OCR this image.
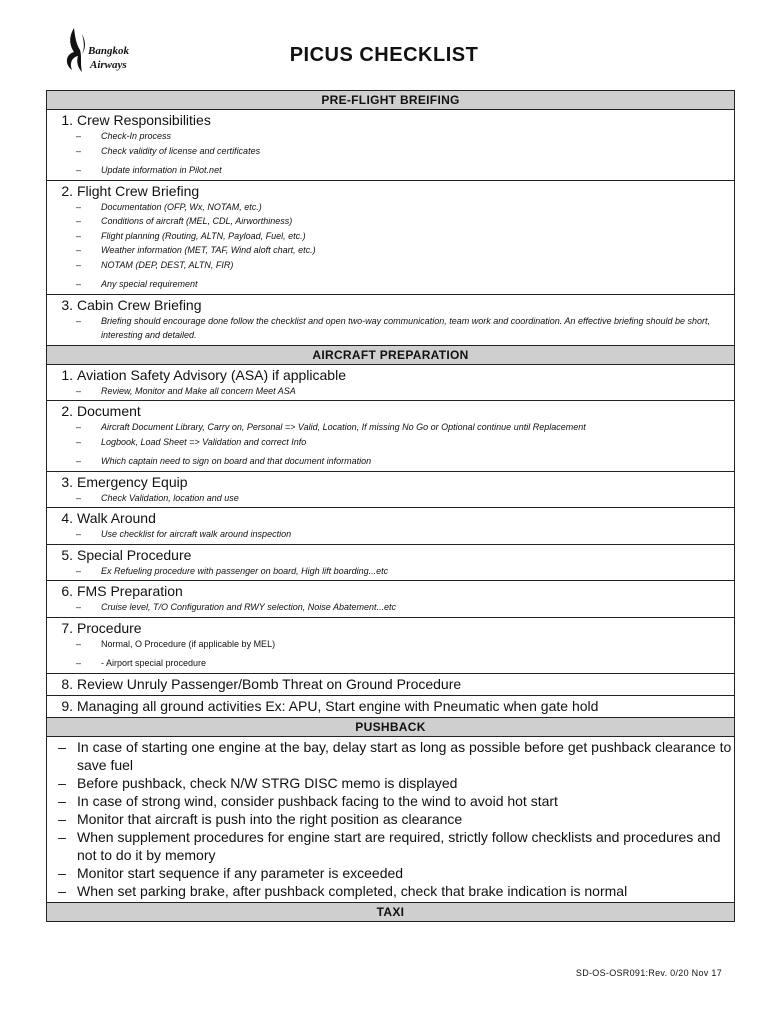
Bangkok
Airways	PICUS CHECKLIST
PRE-FLIGHT BREIFING

1. Crew Responsibilities
–	Check-In process
–	Check validity of license and certificates
–	Update information in Pilot.net

2. Flight Crew Briefing
–	Documentation (OFP, Wx, NOTAM, etc.)
–	Conditions of aircraft (MEL, CDL, Airworthiness)
–	Flight planning (Routing, ALTN, Payload, Fuel, etc.)
–	Weather information (MET, TAF, Wind aloft chart, etc.)
–	NOTAM (DEP, DEST, ALTN, FIR)
–	Any special requirement

3. Cabin Crew Briefing
–	Briefing should encourage done follow the checklist and open two-way communication, team work and coordination. An effective briefing should be short, interesting and detailed.

AIRCRAFT PREPARATION

1. Aviation Safety Advisory (ASA) if applicable
–	Review, Monitor and Make all concern Meet ASA

2. Document
–	Aircraft Document Library, Carry on, Personal => Valid, Location, If missing No Go or Optional continue until Replacement
–	Logbook, Load Sheet => Validation and correct Info
–	Which captain need to sign on board and that document information

3. Emergency Equip
–	Check Validation, location and use

4. Walk Around
–	Use checklist for aircraft walk around inspection

5. Special Procedure
–	Ex Refueling procedure with passenger on board, High lift boarding...etc

6. FMS Preparation
–	Cruise level, T/O Configuration and RWY selection, Noise Abatement...etc

7. Procedure
–	Normal, O Procedure (if applicable by MEL)
–	- Airport special procedure

8. Review Unruly Passenger/Bomb Threat on Ground Procedure

9. Managing all ground activities Ex: APU, Start engine with Pneumatic when gate hold

PUSHBACK

– In case of starting one engine at the bay, delay start as long as possible before get pushback clearance to save fuel
– Before pushback, check N/W STRG DISC memo is displayed
– In case of strong wind, consider pushback facing to the wind to avoid hot start
– Monitor that aircraft is push into the right position as clearance
– When supplement procedures for engine start are required, strictly follow checklists and procedures and not to do it by memory
– Monitor start sequence if any parameter is exceeded
– When set parking brake, after pushback completed, check that brake indication is normal

TAXI
SD-OS-OSR091:Rev. 0/20 Nov 17
